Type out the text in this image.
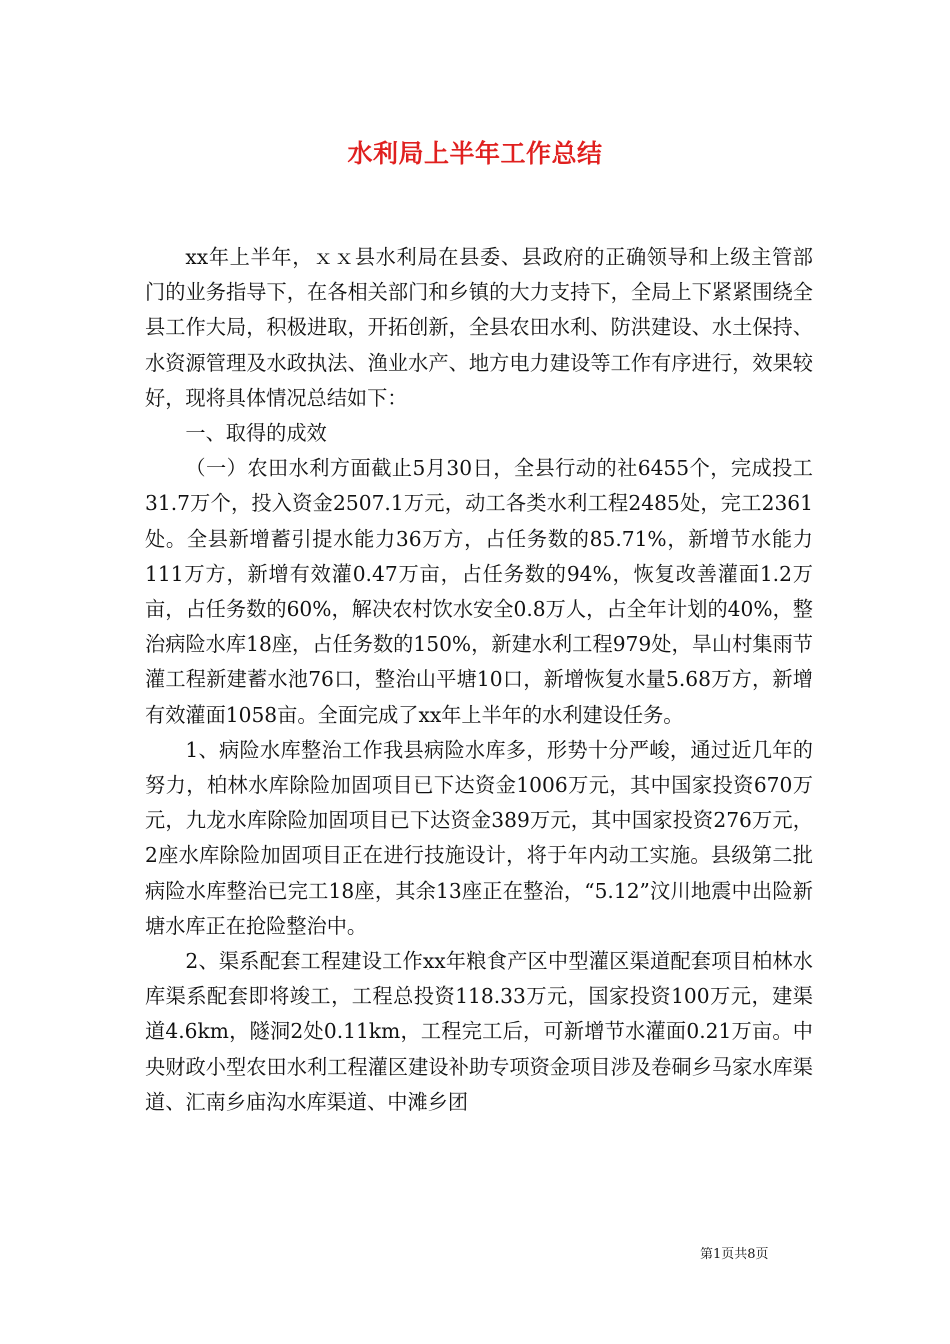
水利局上半年工作总结

xx年上半年，ｘｘ县水利局在县委、县政府的正确领导和上级主管部门的业务指导下，在各相关部门和乡镇的大力支持下，全局上下紧紧围绕全县工作大局，积极进取，开拓创新，全县农田水利、防洪建设、水土保持、水资源管理及水政执法、渔业水产、地方电力建设等工作有序进行，效果较好，现将具体情况总结如下：

一、取得的成效

（一）农田水利方面截止5月30日，全县行动的社6455个，完成投工31.7万个，投入资金2507.1万元，动工各类水利工程2485处，完工2361处。全县新增蓄引提水能力36万方，占任务数的85.71%，新增节水能力111万方，新增有效灌0.47万亩，占任务数的94%，恢复改善灌面1.2万亩，占任务数的60%，解决农村饮水安全0.8万人，占全年计划的40%，整治病险水库18座，占任务数的150%，新建水利工程979处，旱山村集雨节灌工程新建蓄水池76口，整治山平塘10口，新增恢复水量5.68万方，新增有效灌面1058亩。全面完成了xx年上半年的水利建设任务。

1、病险水库整治工作我县病险水库多，形势十分严峻，通过近几年的努力，柏林水库除险加固项目已下达资金1006万元，其中国家投资670万元，九龙水库除险加固项目已下达资金389万元，其中国家投资276万元，2座水库除险加固项目正在进行技施设计，将于年内动工实施。县级第二批病险水库整治已完工18座，其余13座正在整治，“5.12”汶川地震中出险新塘水库正在抢险整治中。

2、渠系配套工程建设工作xx年粮食产区中型灌区渠道配套项目柏林水库渠系配套即将竣工，工程总投资118.33万元，国家投资100万元，建渠道4.6km，隧洞2处0.11km，工程完工后，可新增节水灌面0.21万亩。中央财政小型农田水利工程灌区建设补助专项资金项目涉及卷硐乡马家水库渠道、汇南乡庙沟水库渠道、中滩乡团

第1页共8页
